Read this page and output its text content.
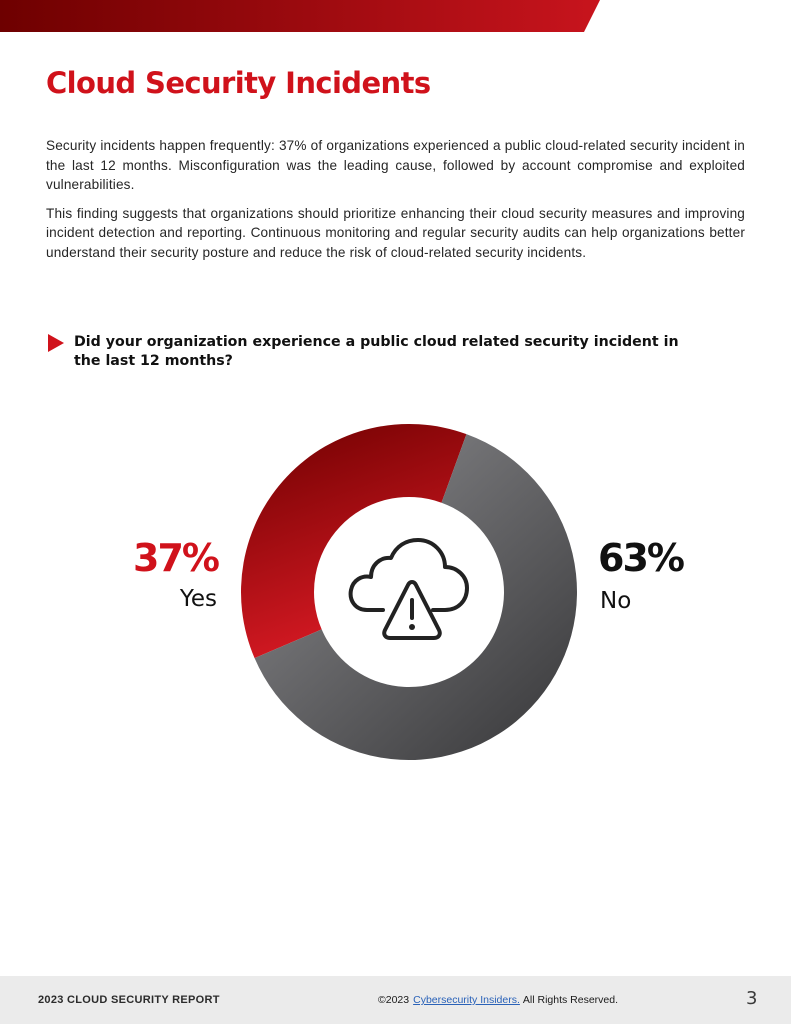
Cloud Security Incidents

Security incidents happen frequently: 37% of organizations experienced a public cloud-related security incident in the last 12 months. Misconfiguration was the leading cause, followed by account compromise and exploited vulnerabilities.

This finding suggests that organizations should prioritize enhancing their cloud security measures and improving incident detection and reporting. Continuous monitoring and regular security audits can help organizations better understand their security posture and reduce the risk of cloud-related security incidents.

Did your organization experience a public cloud related security incident in the last 12 months?
37%
Yes
63%
No
2023 CLOUD SECURITY REPORT	©2023 Cybersecurity Insiders. All Rights Reserved.	3
